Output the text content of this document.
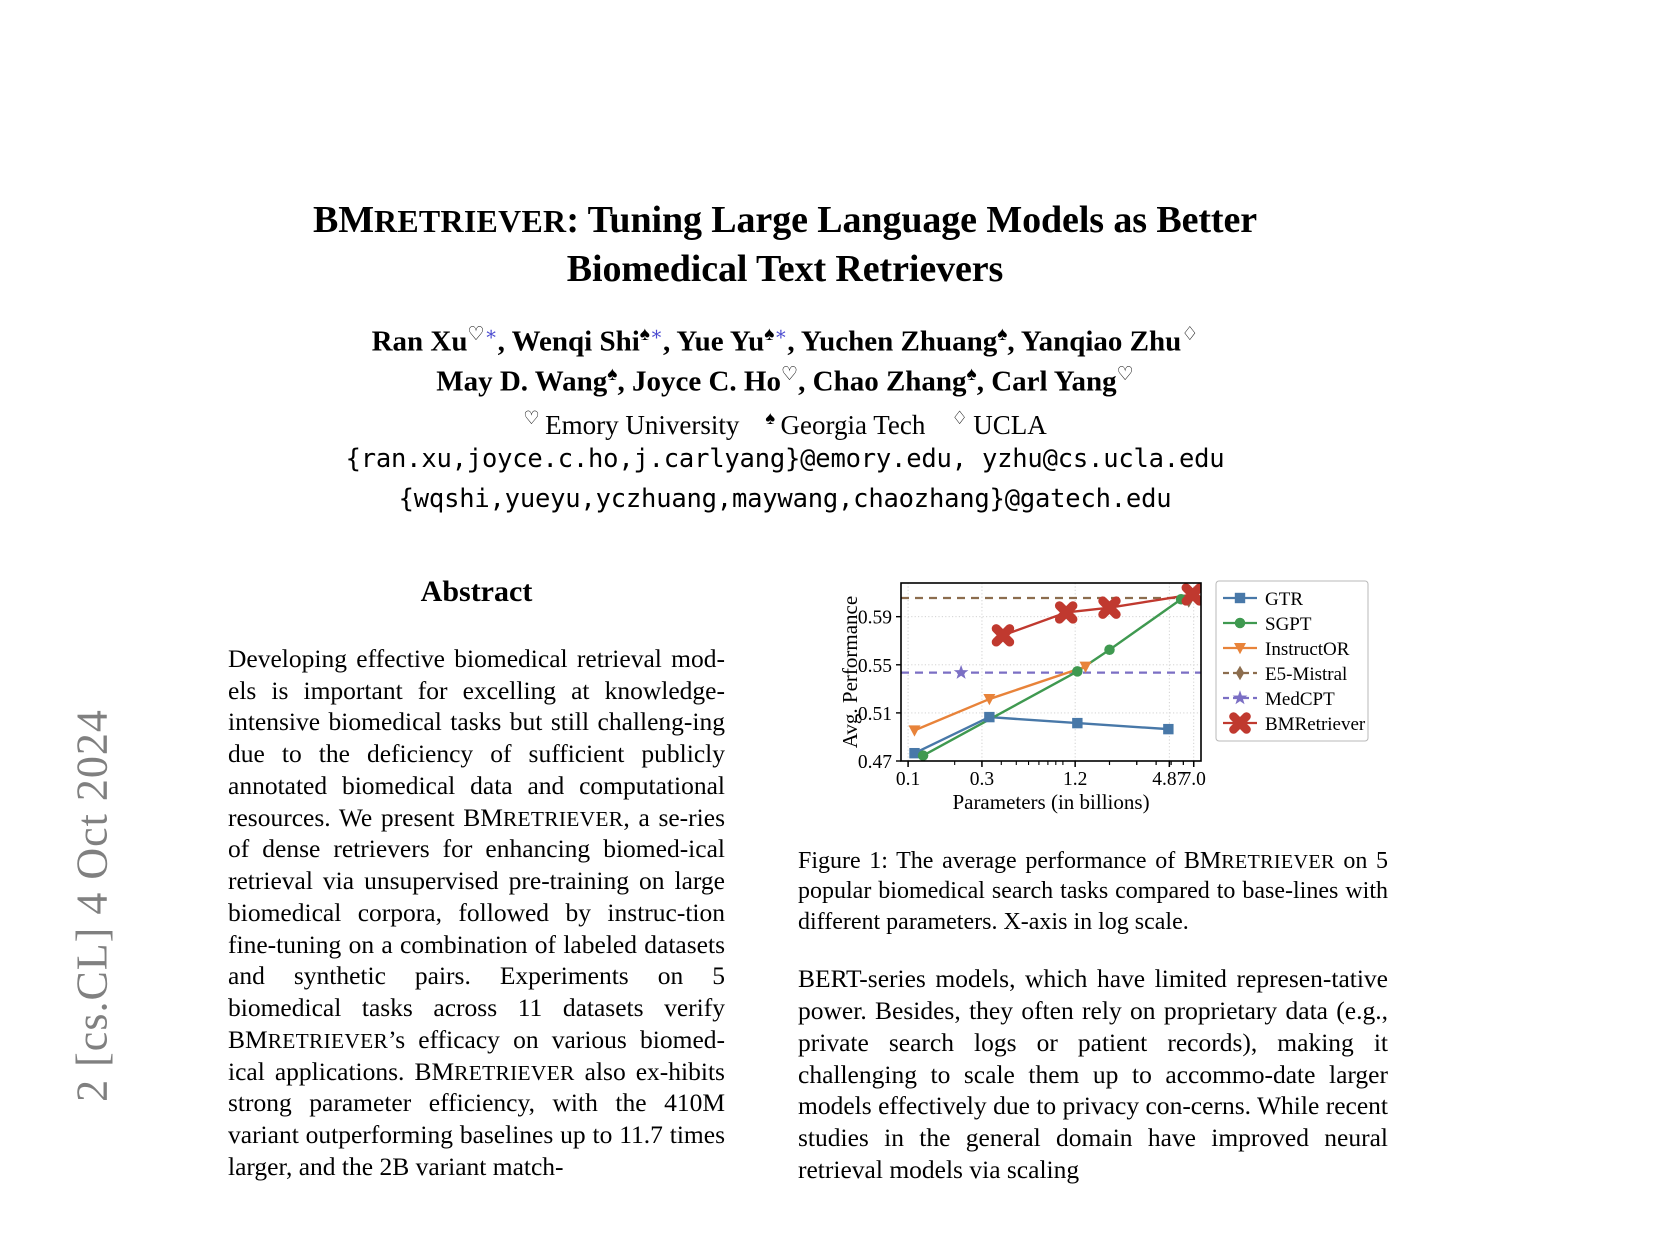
2 [cs.CL] 4 Oct 2024
BMRETRIEVER: Tuning Large Language Models as Better
Biomedical Text Retrievers
Ran Xu♡∗, Wenqi Shi♠∗, Yue Yu♠∗, Yuchen Zhuang♠, Yanqiao Zhu♢
May D. Wang♠, Joyce C. Ho♡, Chao Zhang♠, Carl Yang♡
♡  Emory University ♠  Georgia Tech ♢  UCLA
{ran.xu,joyce.c.ho,j.carlyang}@emory.edu, yzhu@cs.ucla.edu
{wqshi,yueyu,yczhuang,maywang,chaozhang}@gatech.edu
Abstract
Developing effective biomedical retrieval mod-els is important for excelling at knowledge-intensive biomedical tasks but still challeng-ing due to the deficiency of sufficient publicly annotated biomedical data and computational resources. We present BMRETRIEVER, a se-ries of dense retrievers for enhancing biomed-ical retrieval via unsupervised pre-training on large biomedical corpora, followed by instruc-tion fine-tuning on a combination of labeled datasets and synthetic pairs. Experiments on 5 biomedical tasks across 11 datasets verify BMRETRIEVER’s efficacy on various biomed-ical applications. BMRETRIEVER also ex-hibits strong parameter efficiency, with the 410M variant outperforming baselines up to 11.7 times larger, and the 2B variant match-
0.47
0.51
0.55
0.59
0.1	0.3	1.2	4.87
7.0
Avg. Performance
Parameters (in billions)
GTR
SGPT
InstructOR
E5-Mistral
MedCPT
BMRetriever
Figure 1: The average performance of BMRETRIEVER on 5 popular biomedical search tasks compared to base-lines with different parameters. X-axis in log scale.
BERT-series models, which have limited represen-tative power. Besides, they often rely on proprietary data (e.g., private search logs or patient records), making it challenging to scale them up to accommo-date larger models effectively due to privacy con-cerns. While recent studies in the general domain have improved neural retrieval models via scaling
